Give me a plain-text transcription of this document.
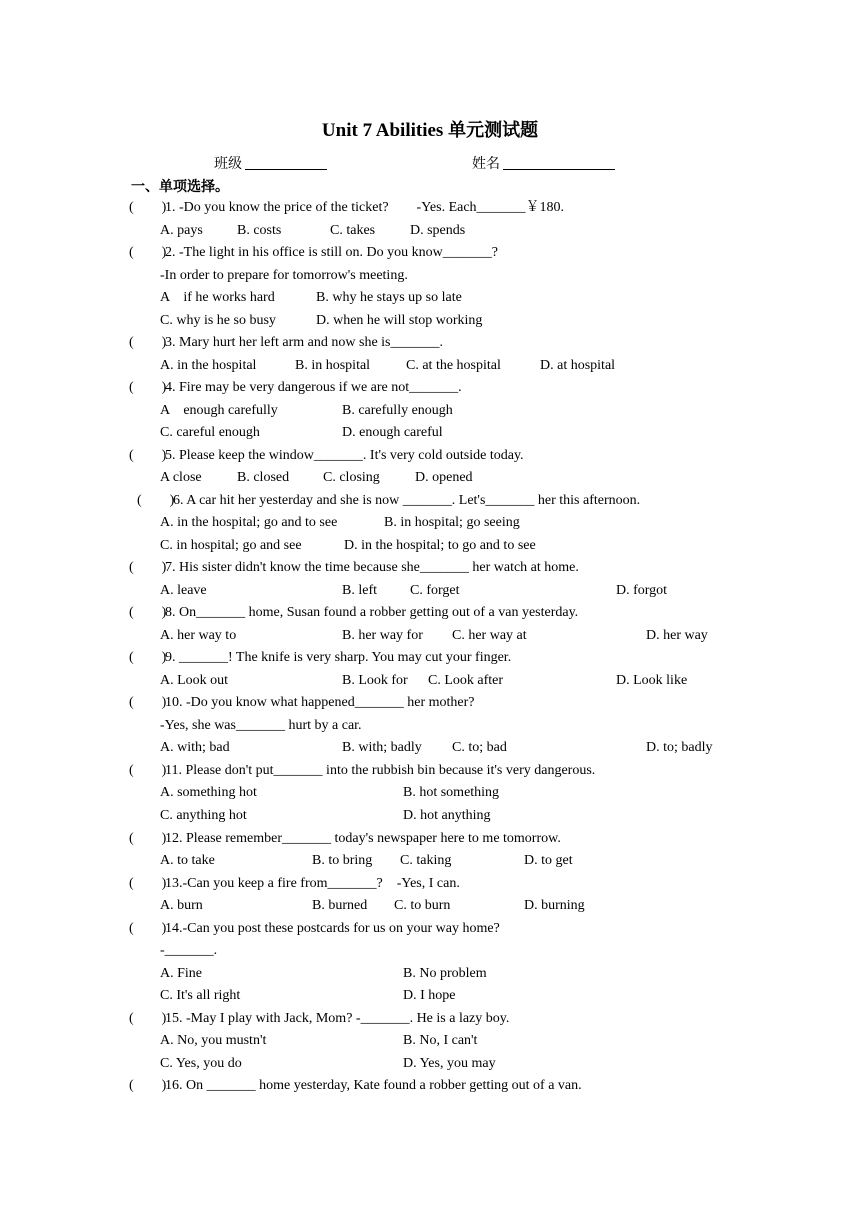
Unit 7 Abilities 单元测试题
班级	姓名
一、单项选择。
(　　)
1. -Do you know the price of the ticket?　　-Yes. Each_______￥180.
A. pays B. costs	C. takes D. spends
(　　)
2. -The light in his office is still on. Do you know_______?
-In order to prepare for tomorrow's meeting.
A　if he works hard	B. why he stays up so late
C. why is he so busy	D. when he will stop working
(　　)
3. Mary hurt her left arm and now she is_______.
A. in the hospital	B. in hospital	C. at the hospital	D. at hospital
(　　)
4. Fire may be very dangerous if we are not_______.
A　enough carefully	B. carefully enough
C. careful enough	D. enough careful
(　　)
5. Please keep the window_______. It's very cold outside today.
A close	B. closed C. closing	D. opened
(　　)
6. A car hit her yesterday and she is now _______. Let's_______ her this afternoon.
A. in the hospital; go and to see	B. in hospital; go seeing
C. in hospital; go and see	D. in the hospital; to go and to see
(　　)
7. His sister didn't know the time because she_______ her watch at home.
A. leave	B. left C. forget	D. forgot
(　　)
8. On_______ home, Susan found a robber getting out of a van yesterday.
A. her way to	B. her way for C. her way at	D. her way
(　　)
9. _______! The knife is very sharp. You may cut your finger.
A. Look out	B. Look for C. Look after	D. Look like
(　　)
10. -Do you know what happened_______ her mother?
-Yes, she was_______ hurt by a car.
A. with; bad	B. with; badly C. to; bad	D. to; badly
(　　)
11. Please don't put_______ into the rubbish bin because it's very dangerous.
A. something hot	B. hot something
C. anything hot	D. hot anything
(　　)
12. Please remember_______ today's newspaper here to me tomorrow.
A. to take	B. to bring C. taking	D. to get
(　　)
13.-Can you keep a fire from_______?　-Yes, I can.
A. burn	B. burned C. to burn	D. burning
(　　)
14.-Can you post these postcards for us on your way home?
-_______.
A. Fine	B. No problem
C. It's all right	D. I hope
(　　)
15. -May I play with Jack, Mom? -_______. He is a lazy boy.
A. No, you mustn't	B. No, I can't
C. Yes, you do	D. Yes, you may
(　　)
16. On _______ home yesterday, Kate found a robber getting out of a van.
